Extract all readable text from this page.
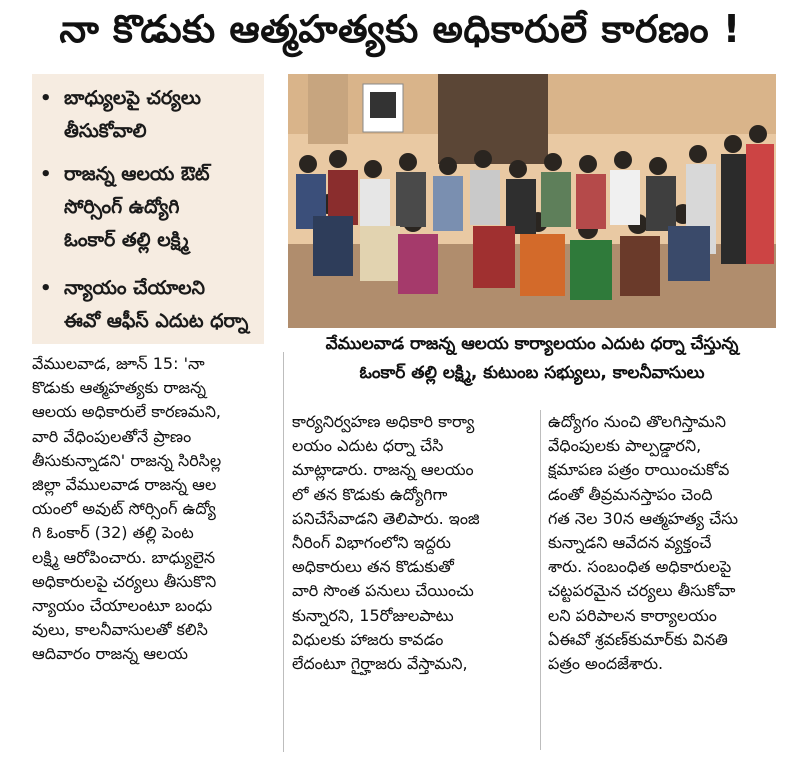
నా కొడుకు ఆత్మహత్యకు అధికారులే కారణం !
• బాధ్యులపై చర్యలు
తీసుకోవాలి
• రాజన్న ఆలయ ఔట్
సోర్సింగ్ ఉద్యోగి
ఓంకార్ తల్లి లక్ష్మి
• న్యాయం చేయాలని
ఈవో ఆఫీస్ ఎదుట ధర్నా
వేములవాడ రాజన్న ఆలయ కార్యాలయం ఎదుట ధర్నా చేస్తున్న
ఓంకార్ తల్లి లక్ష్మి, కుటుంబ సభ్యులు, కాలనీవాసులు
వేములవాడ, జూన్ 15: 'నా
కొడుకు ఆత్మహత్యకు రాజన్న
ఆలయ అధికారులే కారణమని,
వారి వేధింపులతోనే ప్రాణం
తీసుకున్నాడని' రాజన్న సిరిసిల్ల
జిల్లా వేములవాడ రాజన్న ఆల
యంలో అవుట్ సోర్సింగ్ ఉద్యో
గి ఓంకార్ (32) తల్లి పెంట
లక్ష్మి ఆరోపించారు. బాధ్యులైన
అధికారులపై చర్యలు తీసుకొని
న్యాయం చేయాలంటూ బంధు
వులు, కాలనీవాసులతో కలిసి
ఆదివారం రాజన్న ఆలయ
కార్యనిర్వహణ అధికారి కార్యా
లయం ఎదుట ధర్నా చేసి
మాట్లాడారు. రాజన్న ఆలయం
లో తన కొడుకు ఉద్యోగిగా
పనిచేసేవాడని తెలిపారు. ఇంజి
నీరింగ్ విభాగంలోని ఇద్దరు
అధికారులు తన కొడుకుతో
వారి సొంత పనులు చేయించు
కున్నారని, 15రోజులపాటు
విధులకు హాజరు కావడం
లేదంటూ గైర్హాజరు వేస్తామని,
ఉద్యోగం నుంచి తొలగిస్తామని
వేధింపులకు పాల్పడ్డారని,
క్షమాపణ పత్రం రాయించుకోవ
డంతో తీవ్రమనస్తాపం చెంది
గత నెల 30న ఆత్మహత్య చేసు
కున్నాడని ఆవేదన వ్యక్తంచే
శారు. సంబంధిత అధికారులపై
చట్టపరమైన చర్యలు తీసుకోవా
లని పరిపాలన కార్యాలయం
ఏఈవో శ్రవణ్‌కుమార్‌కు వినతి
పత్రం అందజేశారు.
